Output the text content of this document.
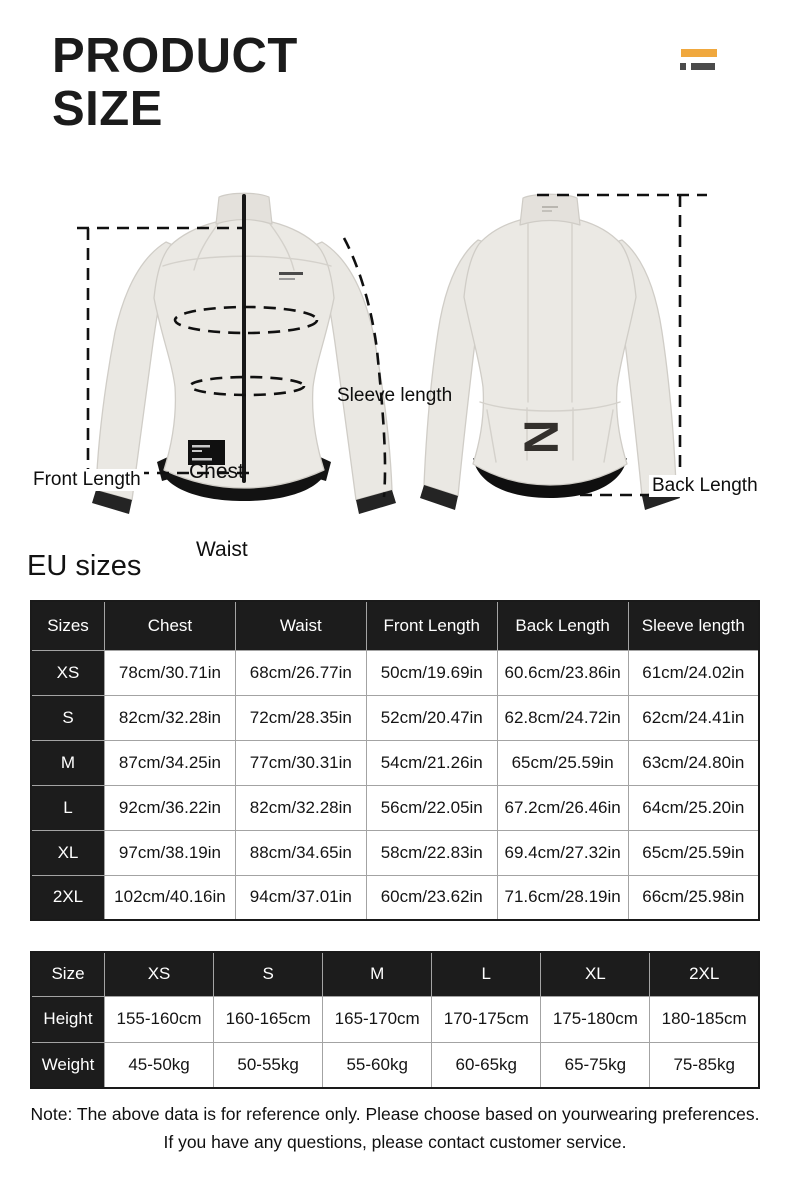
PRODUCT
SIZE
N
Front Length Chest
Waist
Sleeve length
Back Length
EU sizes
Sizes	Chest	Waist	Front Length	Back Length	Sleeve length
XS	78cm/30.71in	68cm/26.77in	50cm/19.69in	60.6cm/23.86in	61cm/24.02in
S	82cm/32.28in	72cm/28.35in	52cm/20.47in	62.8cm/24.72in	62cm/24.41in
M	87cm/34.25in	77cm/30.31in	54cm/21.26in	65cm/25.59in	63cm/24.80in
L	92cm/36.22in	82cm/32.28in	56cm/22.05in	67.2cm/26.46in	64cm/25.20in
XL	97cm/38.19in	88cm/34.65in	58cm/22.83in	69.4cm/27.32in	65cm/25.59in
2XL	102cm/40.16in	94cm/37.01in	60cm/23.62in	71.6cm/28.19in	66cm/25.98in
Size	XS	S	M	L	XL	2XL
Height	155-160cm	160-165cm	165-170cm	170-175cm	175-180cm	180-185cm
Weight	45-50kg	50-55kg	55-60kg	60-65kg	65-75kg	75-85kg
Note: The above data is for reference only. Please choose based on yourwearing preferences.
If you have any questions, please contact customer service.
